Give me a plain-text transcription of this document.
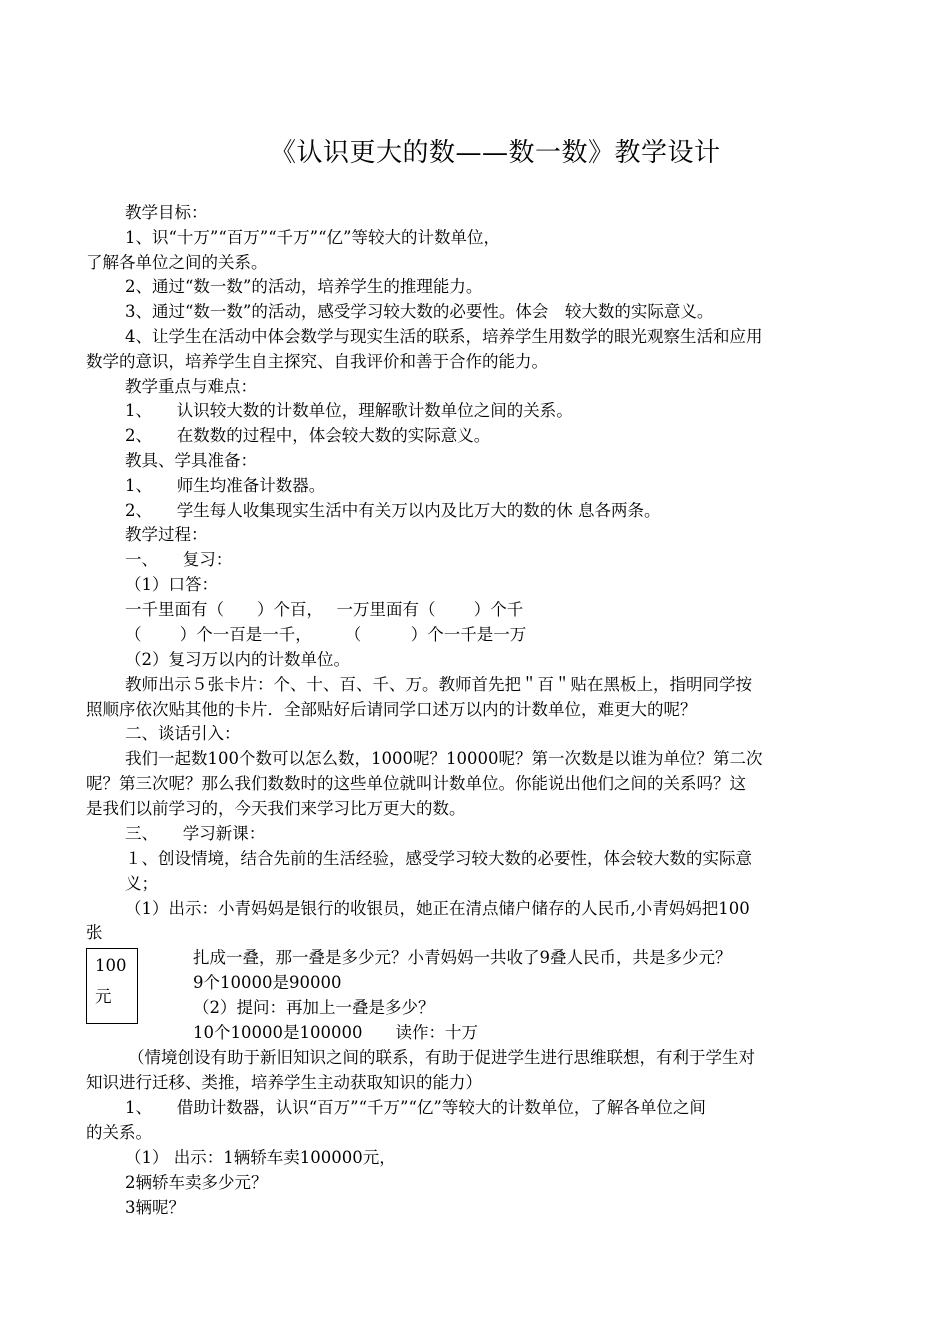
《认识更大的数——数一数》教学设计
教学目标：
1、识“十万”“百万”“千万”“亿”等较大的计数单位，
了解各单位之间的关系。
2、通过“数一数”的活动，培养学生的推理能力。
3、通过“数一数”的活动，感受学习较大数的必要性。体会　较大数的实际意义。
4、让学生在活动中体会数学与现实生活的联系，培养学生用数学的眼光观察生活和应用
数学的意识，培养学生自主探究、自我评价和善于合作的能力。
教学重点与难点：
1、　　认识较大数的计数单位，理解歌计数单位之间的关系。
2、　　在数数的过程中，体会较大数的实际意义。
教具、学具准备：
1、　　师生均准备计数器。
2、　　学生每人收集现实生活中有关万以内及比万大的数的休 息各两条。
教学过程：
一、　　复习：
（1）口答：
一千里面有（　　）个百，　 一万里面有（　　 ）个千
（　　 ）个一百是一千，　　　（　　　）个一千是一万
（2）复习万以内的计数单位。
教师出示５张卡片：个、十、百、千、万。教师首先把＂百＂贴在黑板上，指明同学按
照顺序依次贴其他的卡片．全部贴好后请同学口述万以内的计数单位，难更大的呢？
二、谈话引入：
我们一起数100个数可以怎么数，1000呢？10000呢？第一次数是以谁为单位？第二次
呢？第三次呢？那么我们数数时的这些单位就叫计数单位。你能说出他们之间的关系吗？这
是我们以前学习的，今天我们来学习比万更大的数。
三、　　学习新课：
１、创设情境，结合先前的生活经验，感受学习较大数的必要性，体会较大数的实际意
义；
（1）出示：小青妈妈是银行的收银员，她正在清点储户储存的人民币,小青妈妈把100
张
100
元
扎成一叠，那一叠是多少元？小青妈妈一共收了9叠人民币，共是多少元？
9个10000是90000
（2）提问：再加上一叠是多少？
10个10000是100000　　读作：十万
（情境创设有助于新旧知识之间的联系，有助于促进学生进行思维联想，有利于学生对
知识进行迁移、类推，培养学生主动获取知识的能力）
1、　　借助计数器，认识“百万”“千万”“亿”等较大的计数单位，了解各单位之间
的关系。
（1） 出示：1辆轿车卖100000元，
2辆轿车卖多少元？
3辆呢？
